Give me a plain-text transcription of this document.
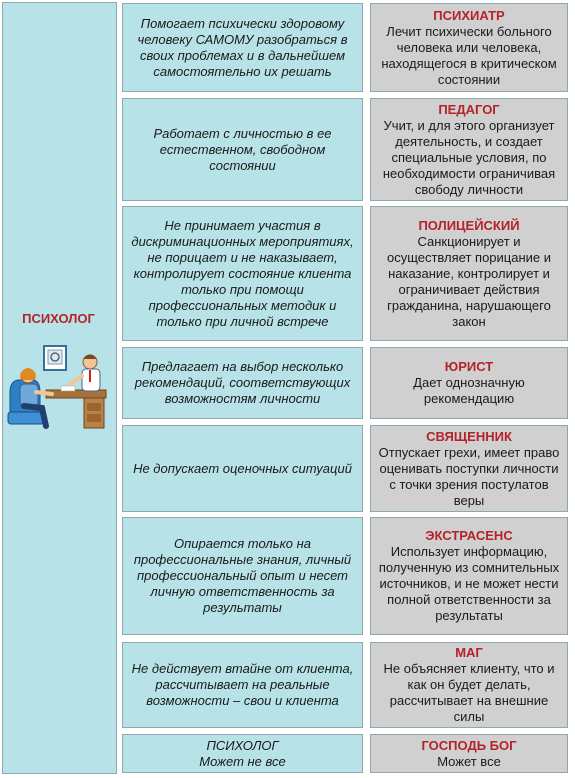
ПСИХОЛОГ
Помогает психически здоровому человеку САМОМУ разобраться в своих проблемах и в дальнейшем самостоятельно их решать
ПСИХИАТР
Лечит психически больного человека или человека, находящегося в критическом состоянии
Работает с личностью в ее естественном, свободном состоянии
ПЕДАГОГ
Учит, и для этого организует деятельность, и создает специальные условия, по необходимости ограничивая свободу личности
Не принимает участия в дискриминационных мероприятиях, не порицает и не наказывает, контролирует состояние клиента только при помощи профессиональных методик и только при личной встрече
ПОЛИЦЕЙСКИЙ
Санкционирует и осуществляет порицание и наказание, контролирует и ограничивает действия гражданина, нарушающего закон
Предлагает на выбор несколько рекомендаций, соответствующих возможностям личности
ЮРИСТ
Дает однозначную рекомендацию
Не допускает оценочных ситуаций
СВЯЩЕННИК
Отпускает грехи, имеет право оценивать поступки личности с точки зрения постулатов веры
Опирается только на профессиональные знания, личный профессиональный опыт и несет личную ответственность за результаты
ЭКСТРАСЕНС
Использует информацию, полученную из сомнительных источников, и не может нести полной ответственности за результаты
Не действует втайне от клиента, рассчитывает на реальные возможности – свои и клиента
МАГ
Не объясняет клиенту, что и как он будет делать, рассчитывает на внешние силы
ПСИХОЛОГ Может не все
ГОСПОДЬ БОГ
Может все
